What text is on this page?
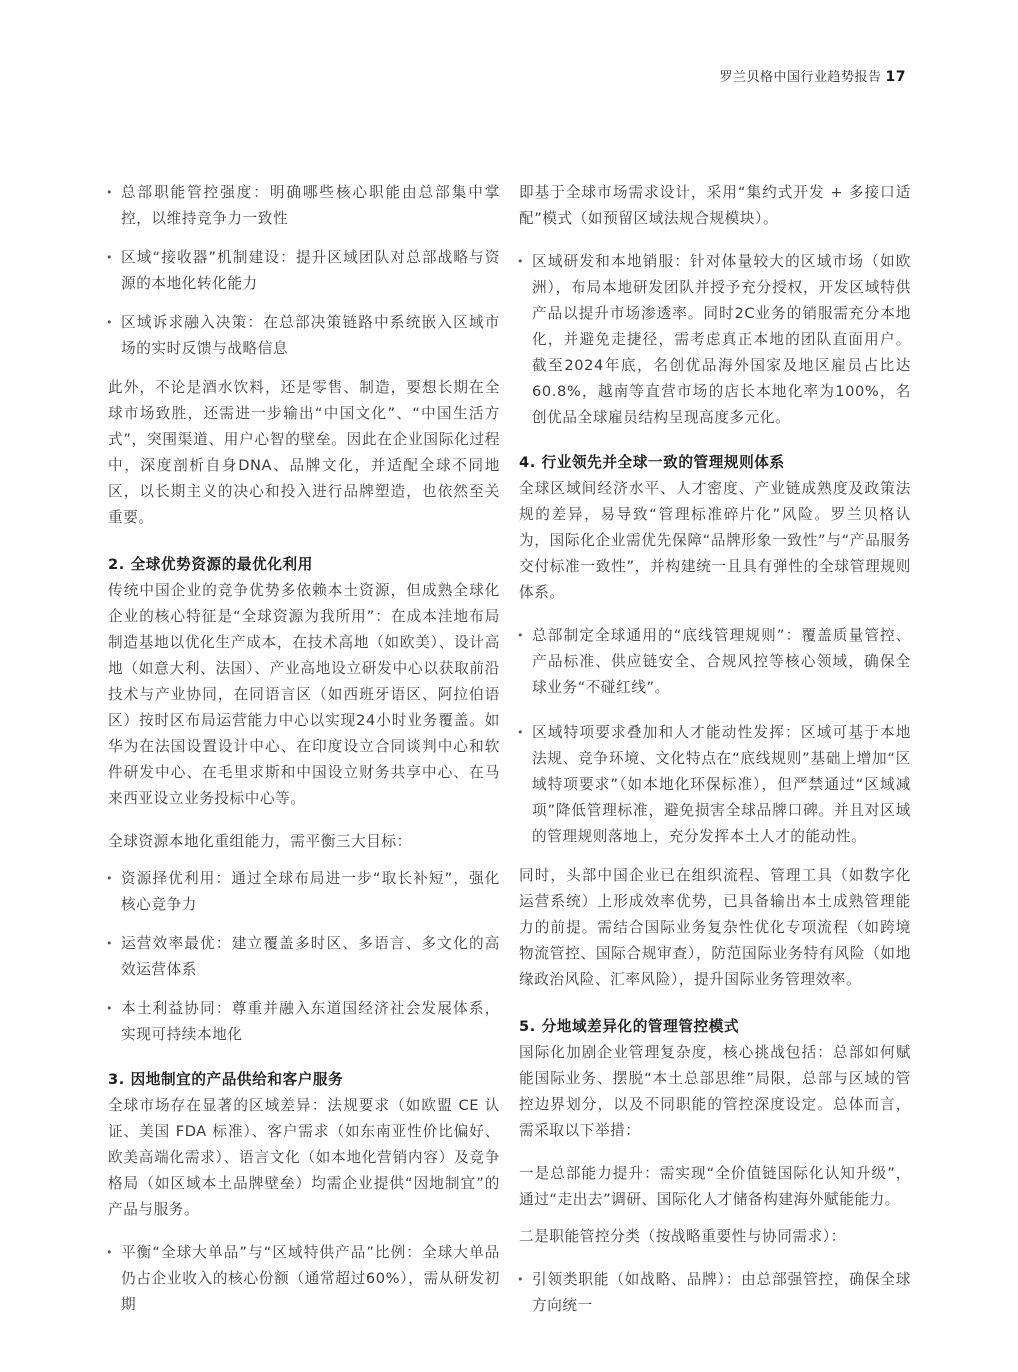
罗兰贝格中国行业趋势报告 17
• 总部职能管控强度：明确哪些核心职能由总部集中掌控，以维持竞争力一致性
• 区域“接收器”机制建设：提升区域团队对总部战略与资源的本地化转化能力
• 区域诉求融入决策：在总部决策链路中系统嵌入区域市场的实时反馈与战略信息

此外，不论是酒水饮料，还是零售、制造，要想长期在全球市场致胜，还需进一步输出“中国文化”、“中国生活方式”，突围渠道、用户心智的壁垒。因此在企业国际化过程中，深度剖析自身DNA、品牌文化，并适配全球不同地区，以长期主义的决心和投入进行品牌塑造，也依然至关重要。

2. 全球优势资源的最优化利用

传统中国企业的竞争优势多依赖本土资源，但成熟全球化企业的核心特征是“全球资源为我所用”：在成本洼地布局制造基地以优化生产成本，在技术高地（如欧美）、设计高地（如意大利、法国）、产业高地设立研发中心以获取前沿技术与产业协同，在同语言区（如西班牙语区、阿拉伯语区）按时区布局运营能力中心以实现24小时业务覆盖。如华为在法国设置设计中心、在印度设立合同谈判中心和软件研发中心、在毛里求斯和中国设立财务共享中心、在马来西亚设立业务投标中心等。

全球资源本地化重组能力，需平衡三大目标：

• 资源择优利用：通过全球布局进一步“取长补短”，强化核心竞争力
• 运营效率最优：建立覆盖多时区、多语言、多文化的高效运营体系
• 本土利益协同：尊重并融入东道国经济社会发展体系，实现可持续本地化
3. 因地制宜的产品供给和客户服务

全球市场存在显著的区域差异：法规要求（如欧盟 CE 认证、美国 FDA 标准）、客户需求（如东南亚性价比偏好、欧美高端化需求）、语言文化（如本地化营销内容）及竞争格局（如区域本土品牌壁垒）均需企业提供“因地制宜”的产品与服务。

• 平衡“全球大单品”与“区域特供产品”比例：全球大单品仍占企业收入的核心份额（通常超过60%），需从研发初期

即基于全球市场需求设计，采用“集约式开发 + 多接口适配”模式（如预留区域法规合规模块）。

• 区域研发和本地销服：针对体量较大的区域市场（如欧洲），布局本地研发团队并授予充分授权，开发区域特供产品以提升市场渗透率。同时2C业务的销服需充分本地化，并避免走捷径，需考虑真正本地的团队直面用户。截至2024年底，名创优品海外国家及地区雇员占比达60.8%，越南等直营市场的店长本地化率为100%，名创优品全球雇员结构呈现高度多元化。
4. 行业领先并全球一致的管理规则体系

全球区域间经济水平、人才密度、产业链成熟度及政策法规的差异，易导致“管理标准碎片化”风险。罗兰贝格认为，国际化企业需优先保障“品牌形象一致性”与“产品服务交付标准一致性”，并构建统一且具有弹性的全球管理规则体系。

• 总部制定全球通用的“底线管理规则”：覆盖质量管控、产品标准、供应链安全、合规风控等核心领域，确保全球业务“不碰红线”。
• 区域特项要求叠加和人才能动性发挥：区域可基于本地法规、竞争环境、文化特点在“底线规则”基础上增加“区域特项要求”（如本地化环保标准），但严禁通过“区域减项”降低管理标准，避免损害全球品牌口碑。并且对区域的管理规则落地上，充分发挥本土人才的能动性。

同时，头部中国企业已在组织流程、管理工具（如数字化运营系统）上形成效率优势，已具备输出本土成熟管理能力的前提。需结合国际业务复杂性优化专项流程（如跨境物流管控、国际合规审查），防范国际业务特有风险（如地缘政治风险、汇率风险），提升国际业务管理效率。

5. 分地域差异化的管理管控模式

国际化加剧企业管理复杂度，核心挑战包括：总部如何赋能国际业务、摆脱“本土总部思维”局限，总部与区域的管控边界划分，以及不同职能的管控深度设定。总体而言，需采取以下举措：

一是总部能力提升：需实现“全价值链国际化认知升级”，通过“走出去”调研、国际化人才储备构建海外赋能能力。

二是职能管控分类（按战略重要性与协同需求）：

• 引领类职能（如战略、品牌）：由总部强管控，确保全球方向统一
